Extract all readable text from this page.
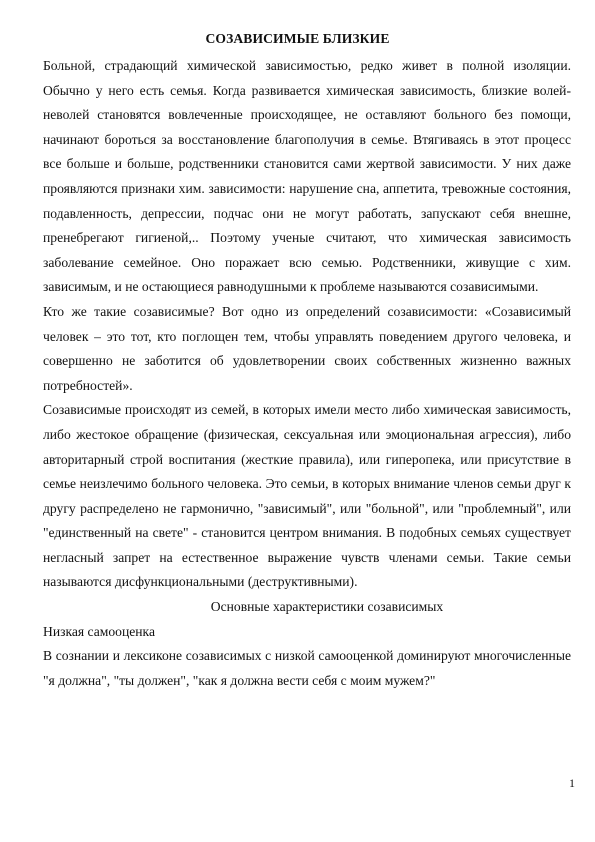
СОЗАВИСИМЫЕ БЛИЗКИЕ

Больной, страдающий химической зависимостью, редко живет в полной изоляции. Обычно у него есть семья. Когда развивается химическая зависимость, близкие волей-неволей становятся вовлеченные происходящее, не оставляют больного без помощи, начинают бороться за восстановление благополучия в семье. Втягиваясь в этот процесс все больше и больше, родственники становится сами жертвой зависимости. У них даже проявляются признаки хим. зависимости: нарушение сна, аппетита, тревожные состояния, подавленность, депрессии, подчас они не могут работать, запускают себя внешне, пренебрегают гигиеной,.. Поэтому ученые считают, что химическая зависимость заболевание семейное. Оно поражает всю семью. Родственники, живущие с хим. зависимым, и не остающиеся равнодушными к проблеме называются созависимыми.

Кто же такие созависимые? Вот одно из определений созависимости: «Созависимый человек – это тот, кто поглощен тем, чтобы управлять поведением другого человека, и совершенно не заботится об удовлетворении своих собственных жизненно важных потребностей».

Созависимые происходят из семей, в которых имели место либо химическая зависимость, либо жестокое обращение (физическая, сексуальная или эмоциональная агрессия), либо авторитарный строй воспитания (жесткие правила), или гиперопека, или присутствие в семье неизлечимо больного человека. Это семьи, в которых внимание членов семьи друг к другу распределено не гармонично, "зависимый", или "больной", или "проблемный", или "единственный на свете" - становится центром внимания. В подобных семьях существует негласный запрет на естественное выражение чувств членами семьи. Такие семьи называются дисфункциональными (деструктивными).

Основные характеристики созависимых

Низкая самооценка

В сознании и лексиконе созависимых с низкой самооценкой доминируют многочисленные "я должна", "ты должен", "как я должна вести себя с моим мужем?"

1
